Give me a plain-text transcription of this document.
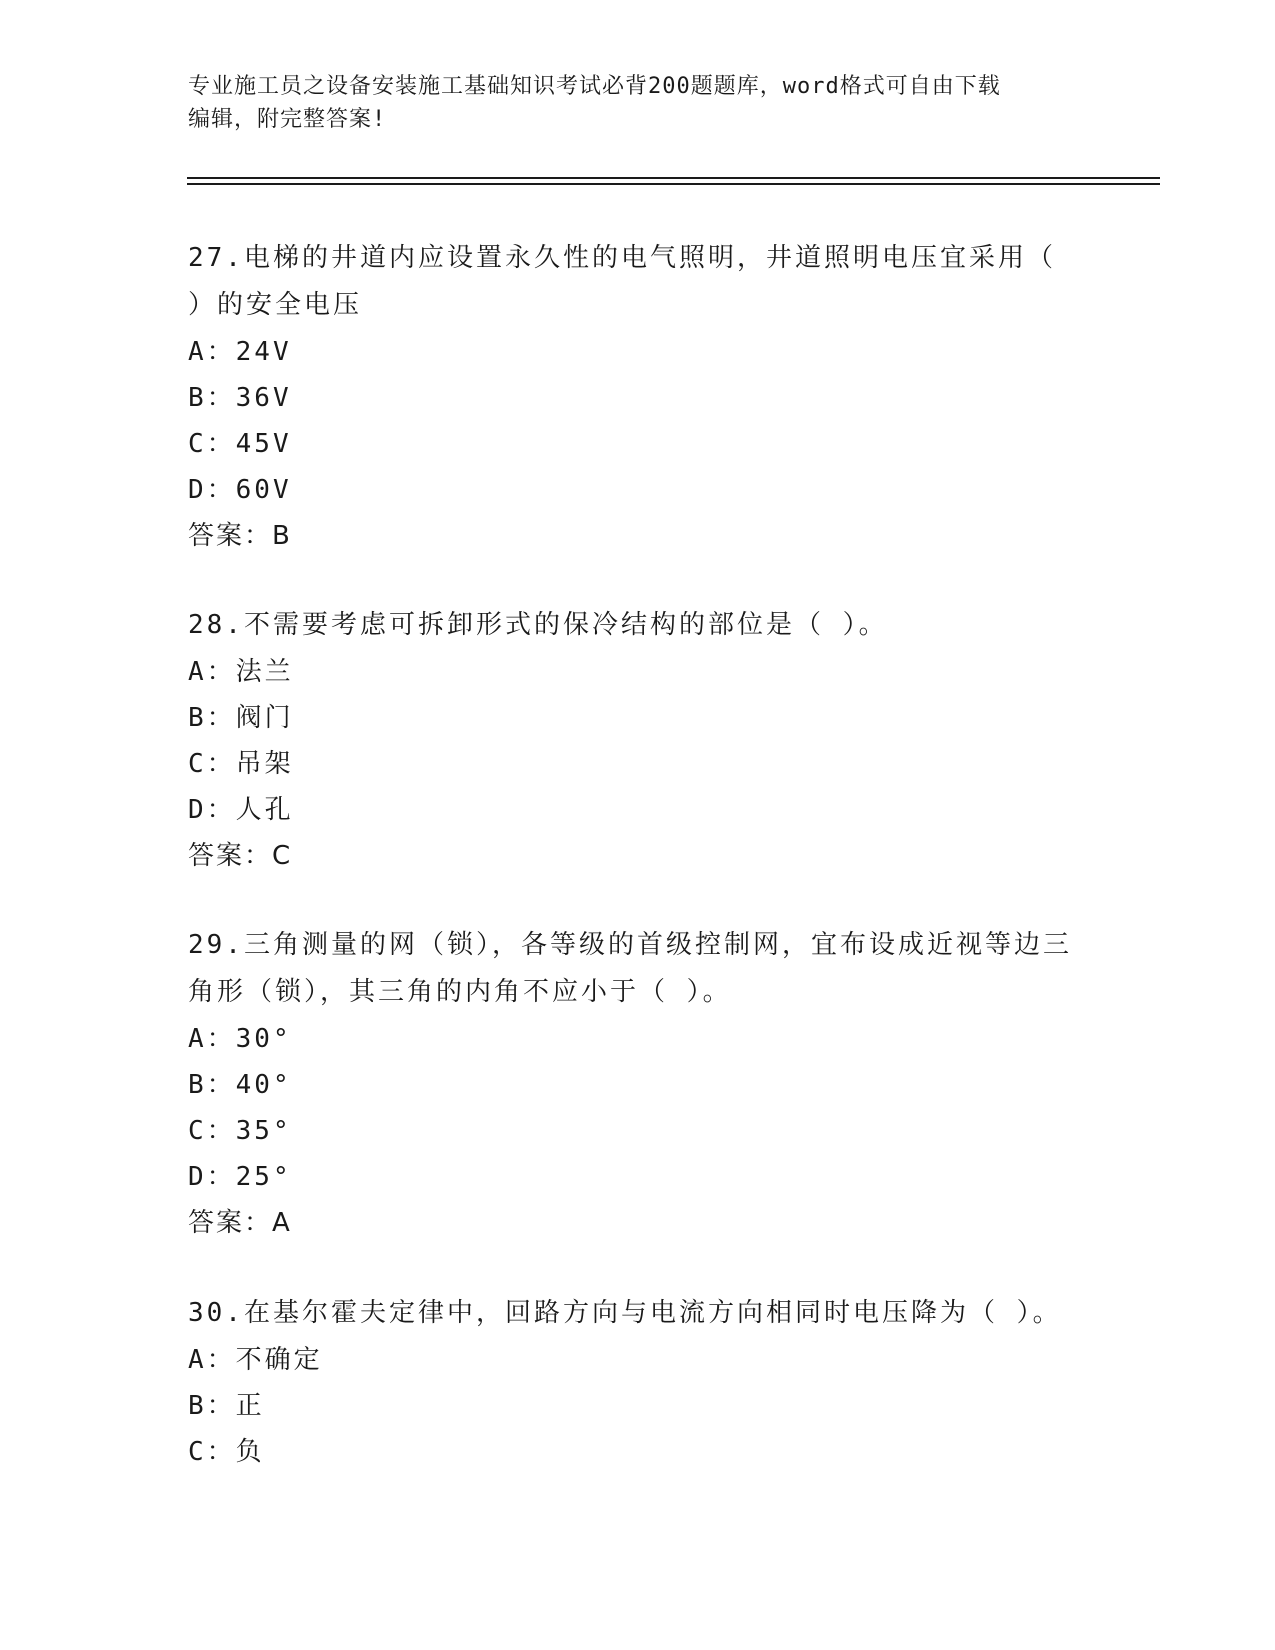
专业施工员之设备安装施工基础知识考试必背200题题库，word格式可自由下载
编辑，附完整答案!
27.电梯的井道内应设置永久性的电气照明，井道照明电压宜采用（
）的安全电压
A：24V
B：36V
C：45V
D：60V
答案：B
28.不需要考虑可拆卸形式的保冷结构的部位是（ ）。
A：法兰
B：阀门
C：吊架
D：人孔
答案：C
29.三角测量的网（锁），各等级的首级控制网，宜布设成近视等边三
角形（锁），其三角的内角不应小于（ ）。
A：30°
B：40°
C：35°
D：25°
答案：A
30.在基尔霍夫定律中，回路方向与电流方向相同时电压降为（ ）。
A：不确定
B：正
C：负
